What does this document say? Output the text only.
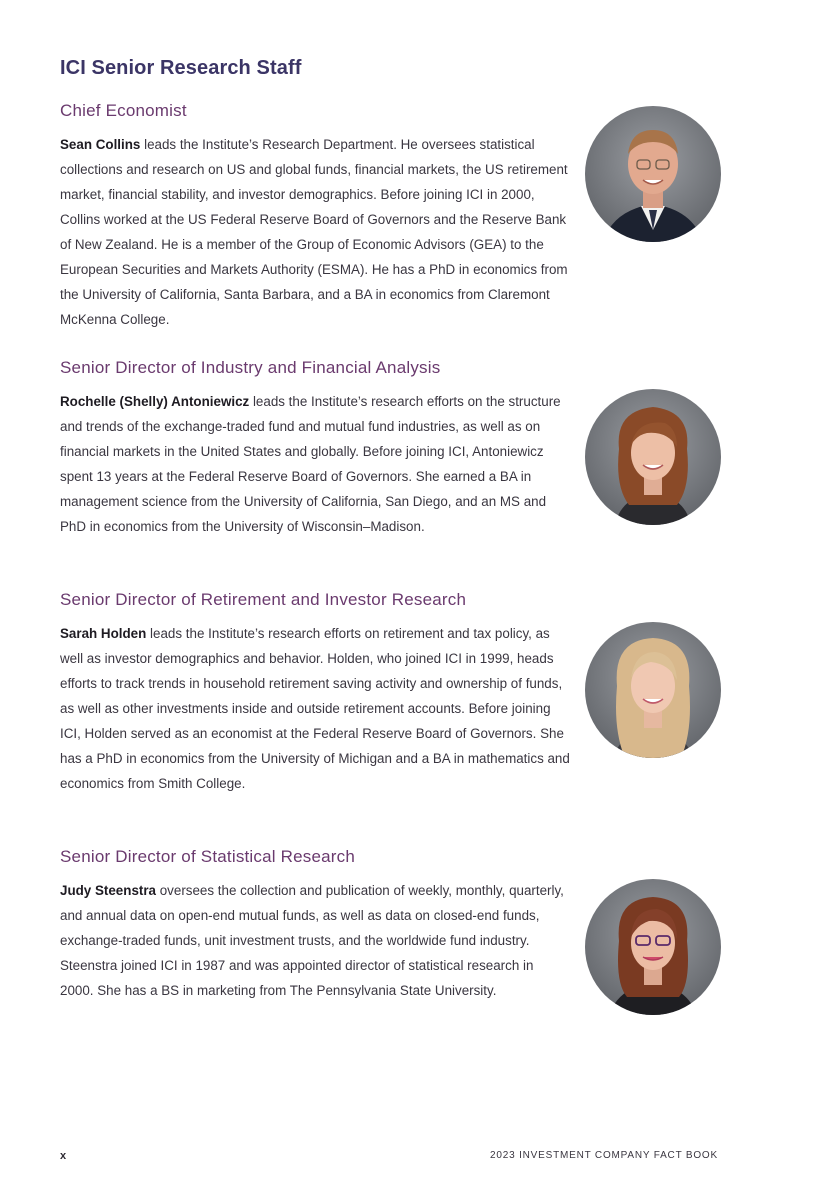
ICI Senior Research Staff
Chief Economist

Sean Collins leads the Institute’s Research Department. He oversees statistical collections and research on US and global funds, financial markets, the US retirement market, financial stability, and investor demographics. Before joining ICI in 2000, Collins worked at the US Federal Reserve Board of Governors and the Reserve Bank of New Zealand. He is a member of the Group of Economic Advisors (GEA) to the European Securities and Markets Authority (ESMA). He has a PhD in economics from the University of California, Santa Barbara, and a BA in economics from Claremont McKenna College.

Senior Director of Industry and Financial Analysis

Rochelle (Shelly) Antoniewicz leads the Institute’s research efforts on the structure and trends of the exchange-traded fund and mutual fund industries, as well as on financial markets in the United States and globally. Before joining ICI, Antoniewicz spent 13 years at the Federal Reserve Board of Governors. She earned a BA in management science from the University of California, San Diego, and an MS and PhD in economics from the University of Wisconsin–Madison.

Senior Director of Retirement and Investor Research

Sarah Holden leads the Institute’s research efforts on retirement and tax policy, as well as investor demographics and behavior. Holden, who joined ICI in 1999, heads efforts to track trends in household retirement saving activity and ownership of funds, as well as other investments inside and outside retirement accounts. Before joining ICI, Holden served as an economist at the Federal Reserve Board of Governors. She has a PhD in economics from the University of Michigan and a BA in mathematics and economics from Smith College.

Senior Director of Statistical Research

Judy Steenstra oversees the collection and publication of weekly, monthly, quarterly, and annual data on open-end mutual funds, as well as data on closed-end funds, exchange-traded funds, unit investment trusts, and the worldwide fund industry. Steenstra joined ICI in 1987 and was appointed director of statistical research in 2000. She has a BS in marketing from The Pennsylvania State University.

x	2023 INVESTMENT COMPANY FACT BOOK
